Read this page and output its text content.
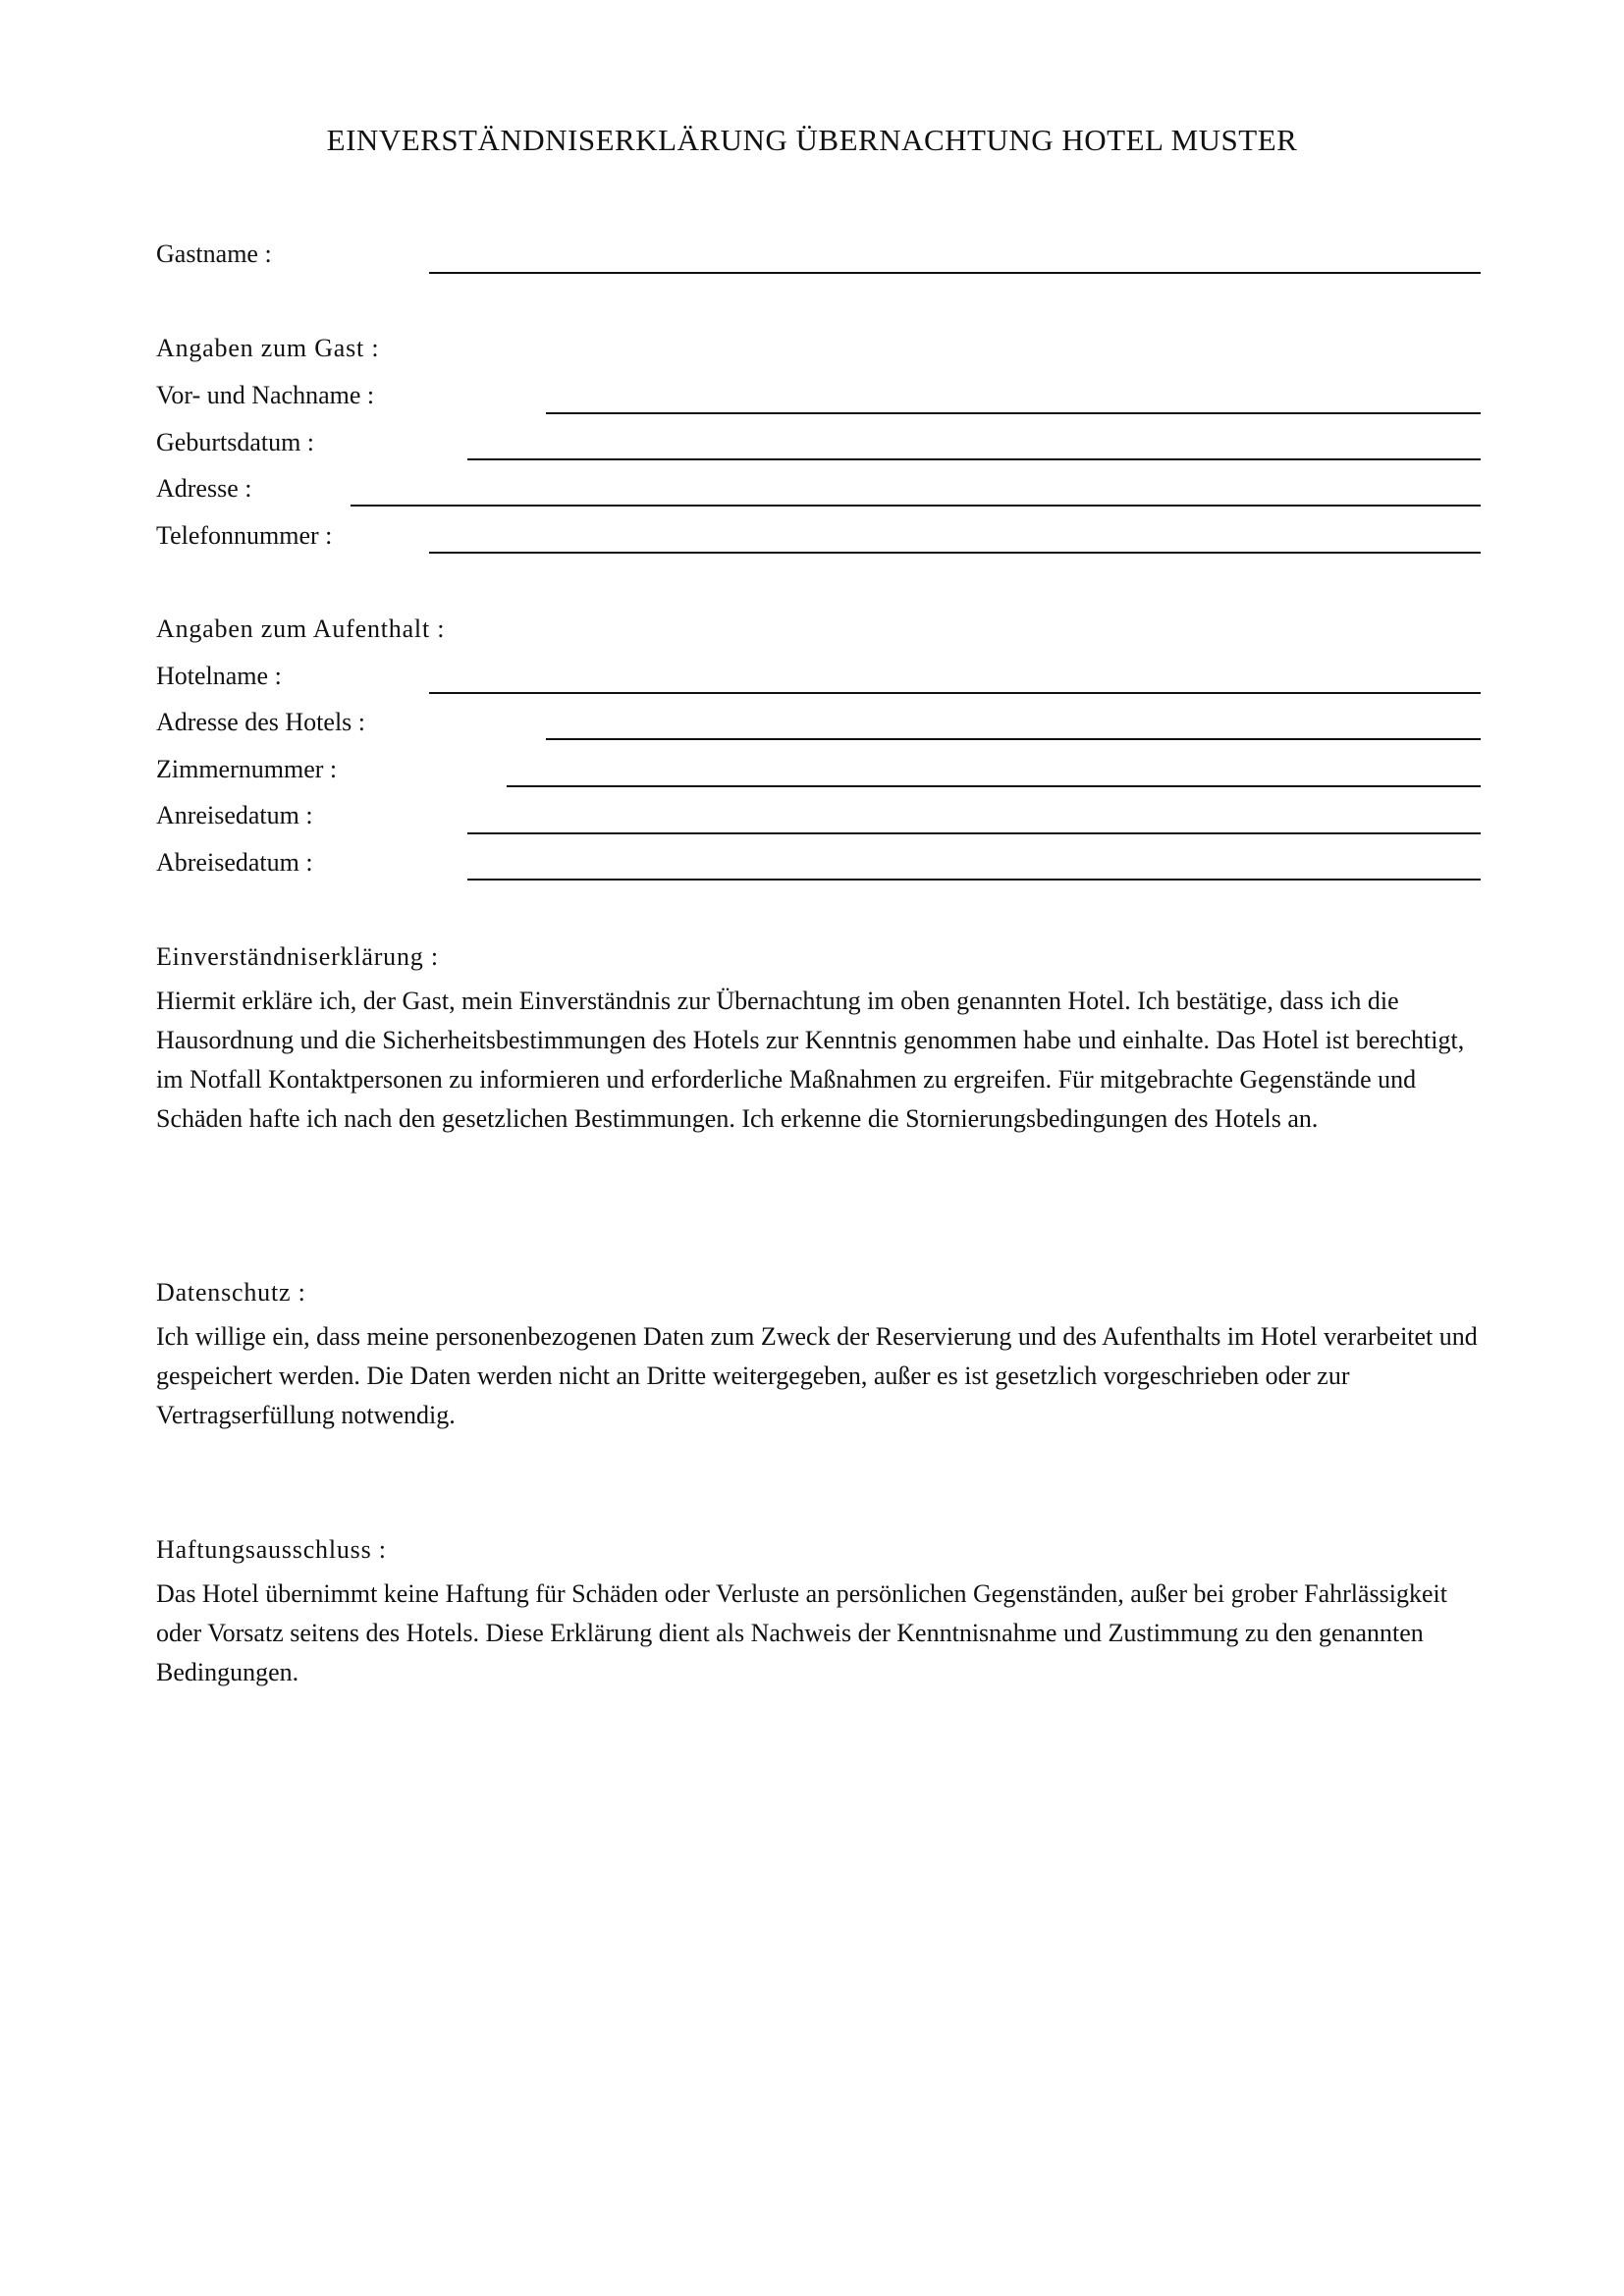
EINVERSTÄNDNISERKLÄRUNG ÜBERNACHTUNG HOTEL MUSTER
Gastname :
Angaben zum Gast :
Vor- und Nachname :
Geburtsdatum :
Adresse :
Telefonnummer :
Angaben zum Aufenthalt :
Hotelname :
Adresse des Hotels :
Zimmernummer :
Anreisedatum :
Abreisedatum :
Einverständniserklärung :
Hiermit erkläre ich, der Gast, mein Einverständnis zur Übernachtung im oben genannten Hotel. Ich bestätige, dass ich die Hausordnung und die Sicherheitsbestimmungen des Hotels zur Kenntnis genommen habe und einhalte. Das Hotel ist berechtigt, im Notfall Kontaktpersonen zu informieren und erforderliche Maßnahmen zu ergreifen. Für mitgebrachte Gegenstände und Schäden hafte ich nach den gesetzlichen Bestimmungen. Ich erkenne die Stornierungsbedingungen des Hotels an.
Datenschutz :
Ich willige ein, dass meine personenbezogenen Daten zum Zweck der Reservierung und des Aufenthalts im Hotel verarbeitet und gespeichert werden. Die Daten werden nicht an Dritte weitergegeben, außer es ist gesetzlich vorgeschrieben oder zur Vertragserfüllung notwendig.
Haftungsausschluss :
Das Hotel übernimmt keine Haftung für Schäden oder Verluste an persönlichen Gegenständen, außer bei grober Fahrlässigkeit oder Vorsatz seitens des Hotels. Diese Erklärung dient als Nachweis der Kenntnisnahme und Zustimmung zu den genannten Bedingungen.
